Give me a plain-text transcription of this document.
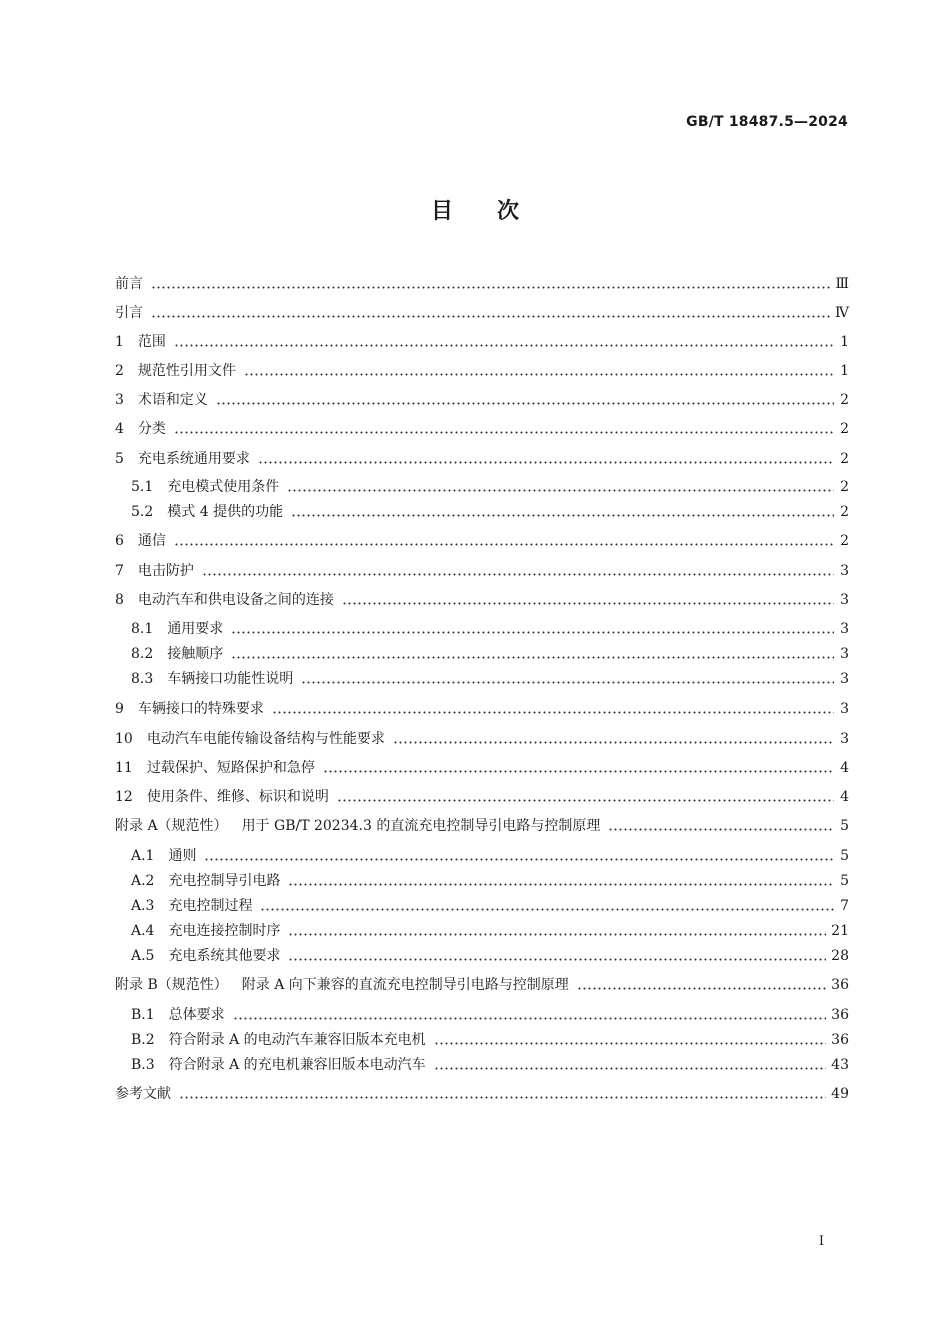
GB/T 18487.5—2024
目次
前言	Ⅲ
引言	Ⅳ
1	范围	1
2	规范性引用文件	1
3	术语和定义	2
4	分类	2
5	充电系统通用要求	2
5.1	充电模式使用条件	2
5.2	模式 4 提供的功能	2
6	通信	2
7	电击防护	3
8	电动汽车和供电设备之间的连接	3
8.1	通用要求	3
8.2	接触顺序	3
8.3	车辆接口功能性说明	3
9	车辆接口的特殊要求	3
10	电动汽车电能传输设备结构与性能要求	3
11	过载保护、短路保护和急停	4
12	使用条件、维修、标识和说明	4
附录 A（规范性）	用于 GB/T 20234.3 的直流充电控制导引电路与控制原理	5
A.1	通则	5
A.2	充电控制导引电路	5
A.3	充电控制过程	7
A.4	充电连接控制时序	21
A.5	充电系统其他要求	28
附录 B（规范性）	附录 A 向下兼容的直流充电控制导引电路与控制原理	36
B.1	总体要求	36
B.2	符合附录 A 的电动汽车兼容旧版本充电机	36
B.3	符合附录 A 的充电机兼容旧版本电动汽车	43
参考文献	49
I
